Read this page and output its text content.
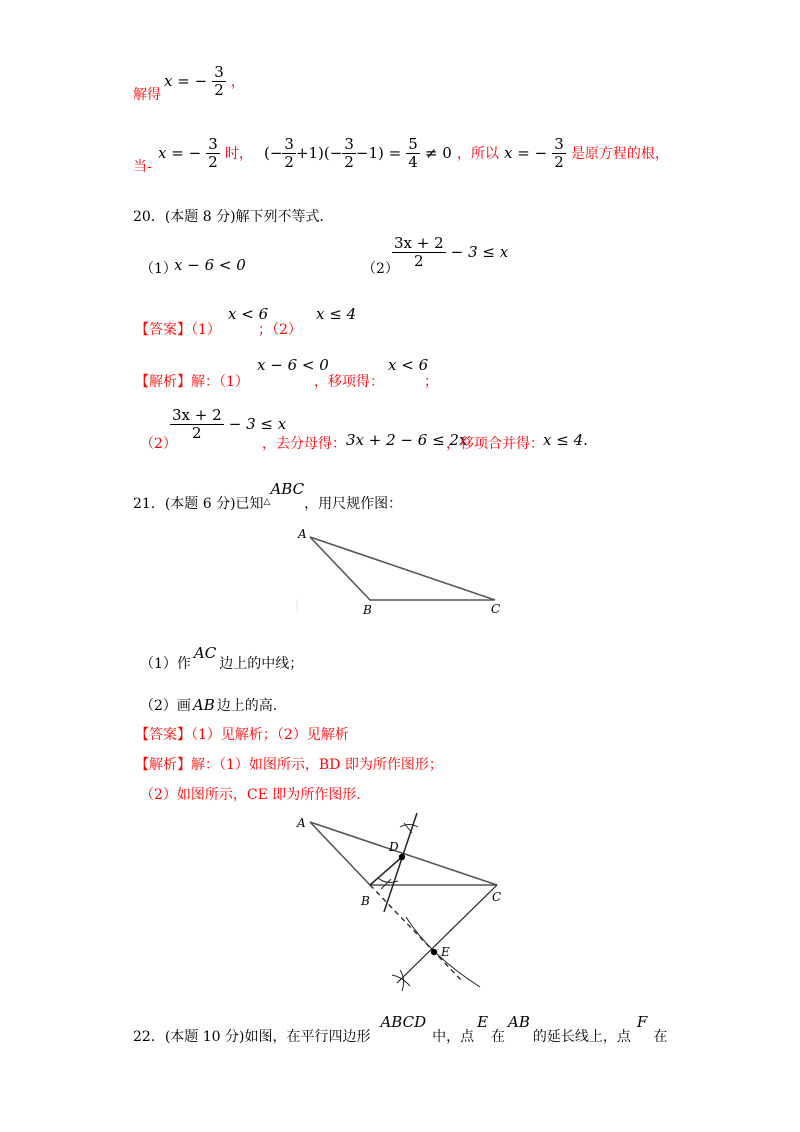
解得
x = − $\frac{3}{2}$ ，
当-
x = − $\frac{3}{2}$ 时， (− $\frac{3}{2} +1)(- \frac{3}{2} -1) = \frac{5}{4} \ne 0$ ，所以 x = − $\frac{3}{2}$ 是原方程的根，
20．(本题 8 分)解下列不等式．
（1）
x − 6 < 0	（2）
$\frac{3x + 2}{2} - 3 \le x$
【答案】（1）
x < 6
；（2）
x ≤ 4
【解析】解：（1）
x − 6 < 0
，移项得：
x < 6
；
（2）
$\frac{3x + 2}{2} - 3 \le x$
，去分母得： 3x + 2 − 6 ≤ 2x
，移项合并得： x ≤ 4.
21．(本题 6 分)已知△ABC，用尺规作图：
A
B	C
（1）作AC边上的中线；
（2）画 AB 边上的高.
【答案】（1）见解析；（2）见解析
【解析】解：（1）如图所示，BD 即为所作图形；
（2）如图所示，CE 即为所作图形.
A
B	C
D
E
22．(本题 10 分)如图，在平行四边形ABCD中，点E在AB的延长线上，点F在
